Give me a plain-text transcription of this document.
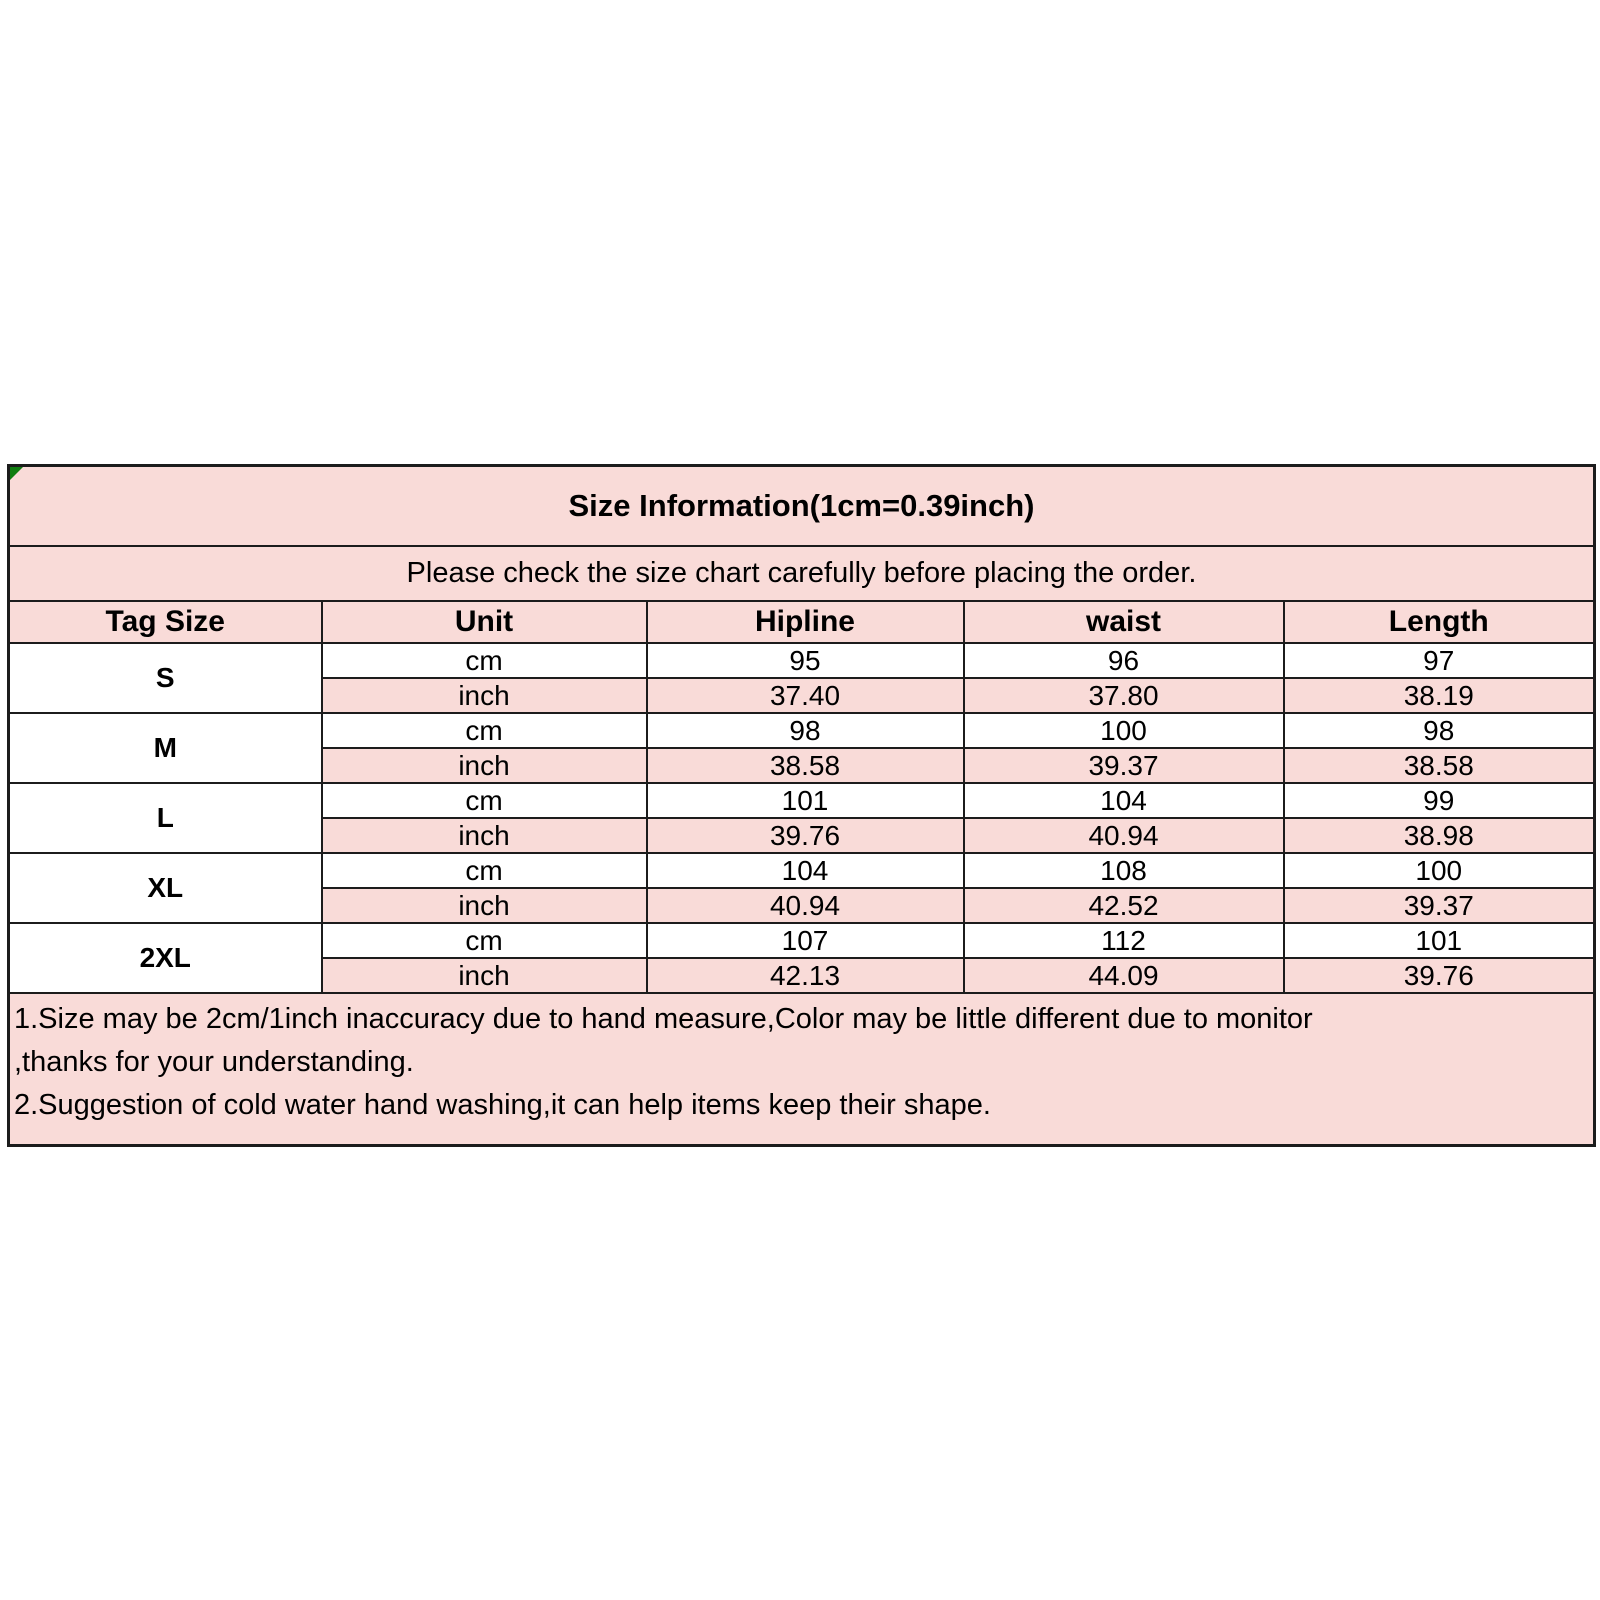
Size Information(1cm=0.39inch)				
Please check the size chart carefully before placing the order.				
Tag Size	Unit	Hipline	waist	Length
S	cm	95	96	97
	inch	37.40	37.80	38.19
M	cm	98	100	98
	inch	38.58	39.37	38.58
L	cm	101	104	99
	inch	39.76	40.94	38.98
XL	cm	104	108	100
	inch	40.94	42.52	39.37
2XL	cm	107	112	101
	inch	42.13	44.09	39.76

1.Size may be 2cm/1inch inaccuracy due to hand measure,Color may be little different due to monitor
,thanks for your understanding.
2.Suggestion of cold water hand washing,it can help items keep their shape.				
